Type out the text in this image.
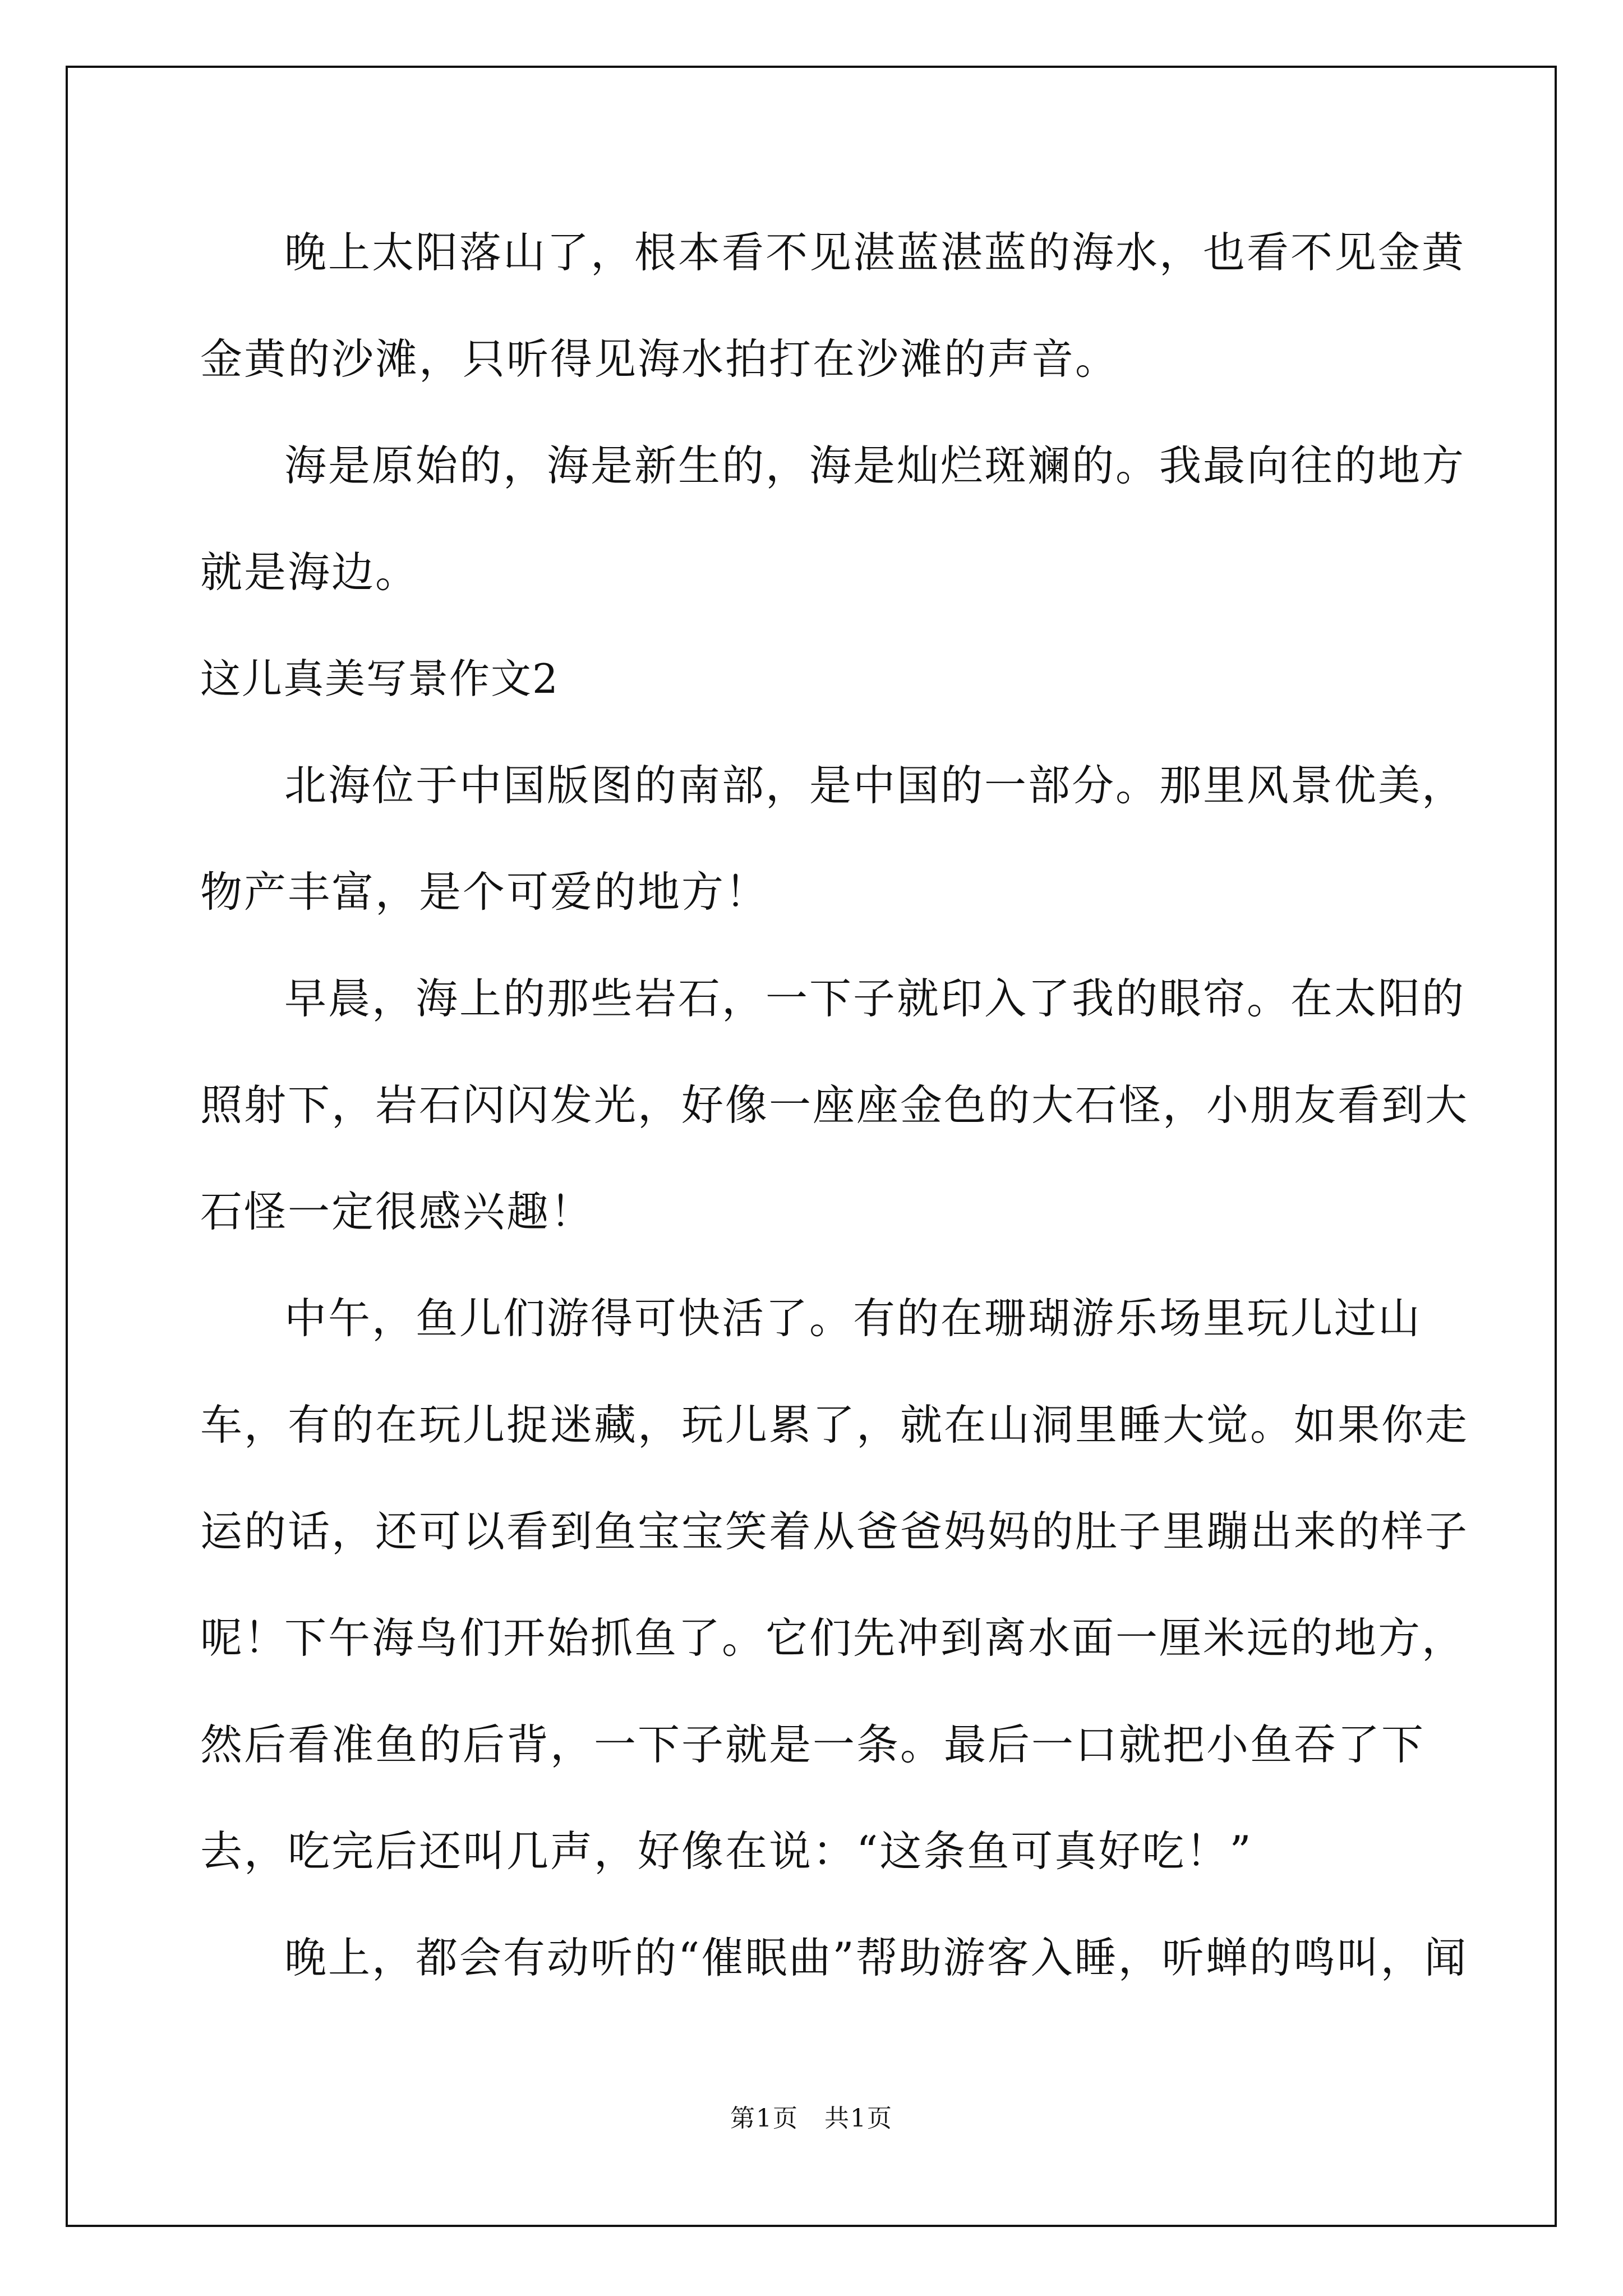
晚上太阳落山了，根本看不见湛蓝湛蓝的海水，也看不见金黄金黄的沙滩，只听得见海水拍打在沙滩的声音。

海是原始的，海是新生的，海是灿烂斑斓的。我最向往的地方就是海边。

这儿真美写景作文2

北海位于中国版图的南部，是中国的一部分。那里风景优美，物产丰富，是个可爱的地方！

早晨，海上的那些岩石，一下子就印入了我的眼帘。在太阳的照射下，岩石闪闪发光，好像一座座金色的大石怪，小朋友看到大石怪一定很感兴趣！

中午，鱼儿们游得可快活了。有的在珊瑚游乐场里玩儿过山车，有的在玩儿捉迷藏，玩儿累了，就在山洞里睡大觉。如果你走运的话，还可以看到鱼宝宝笑着从爸爸妈妈的肚子里蹦出来的样子呢！

下午海鸟们开始抓鱼了。它们先冲到离水面一厘米远的地方，然后看准鱼的后背，一下子就是一条。最后一口就把小鱼吞了下去，吃完后还叫几声，好像在说：“这条鱼可真好吃！”

晚上，都会有动听的“催眠曲”帮助游客入睡，听蝉的鸣叫，闻

第1页　共1页
